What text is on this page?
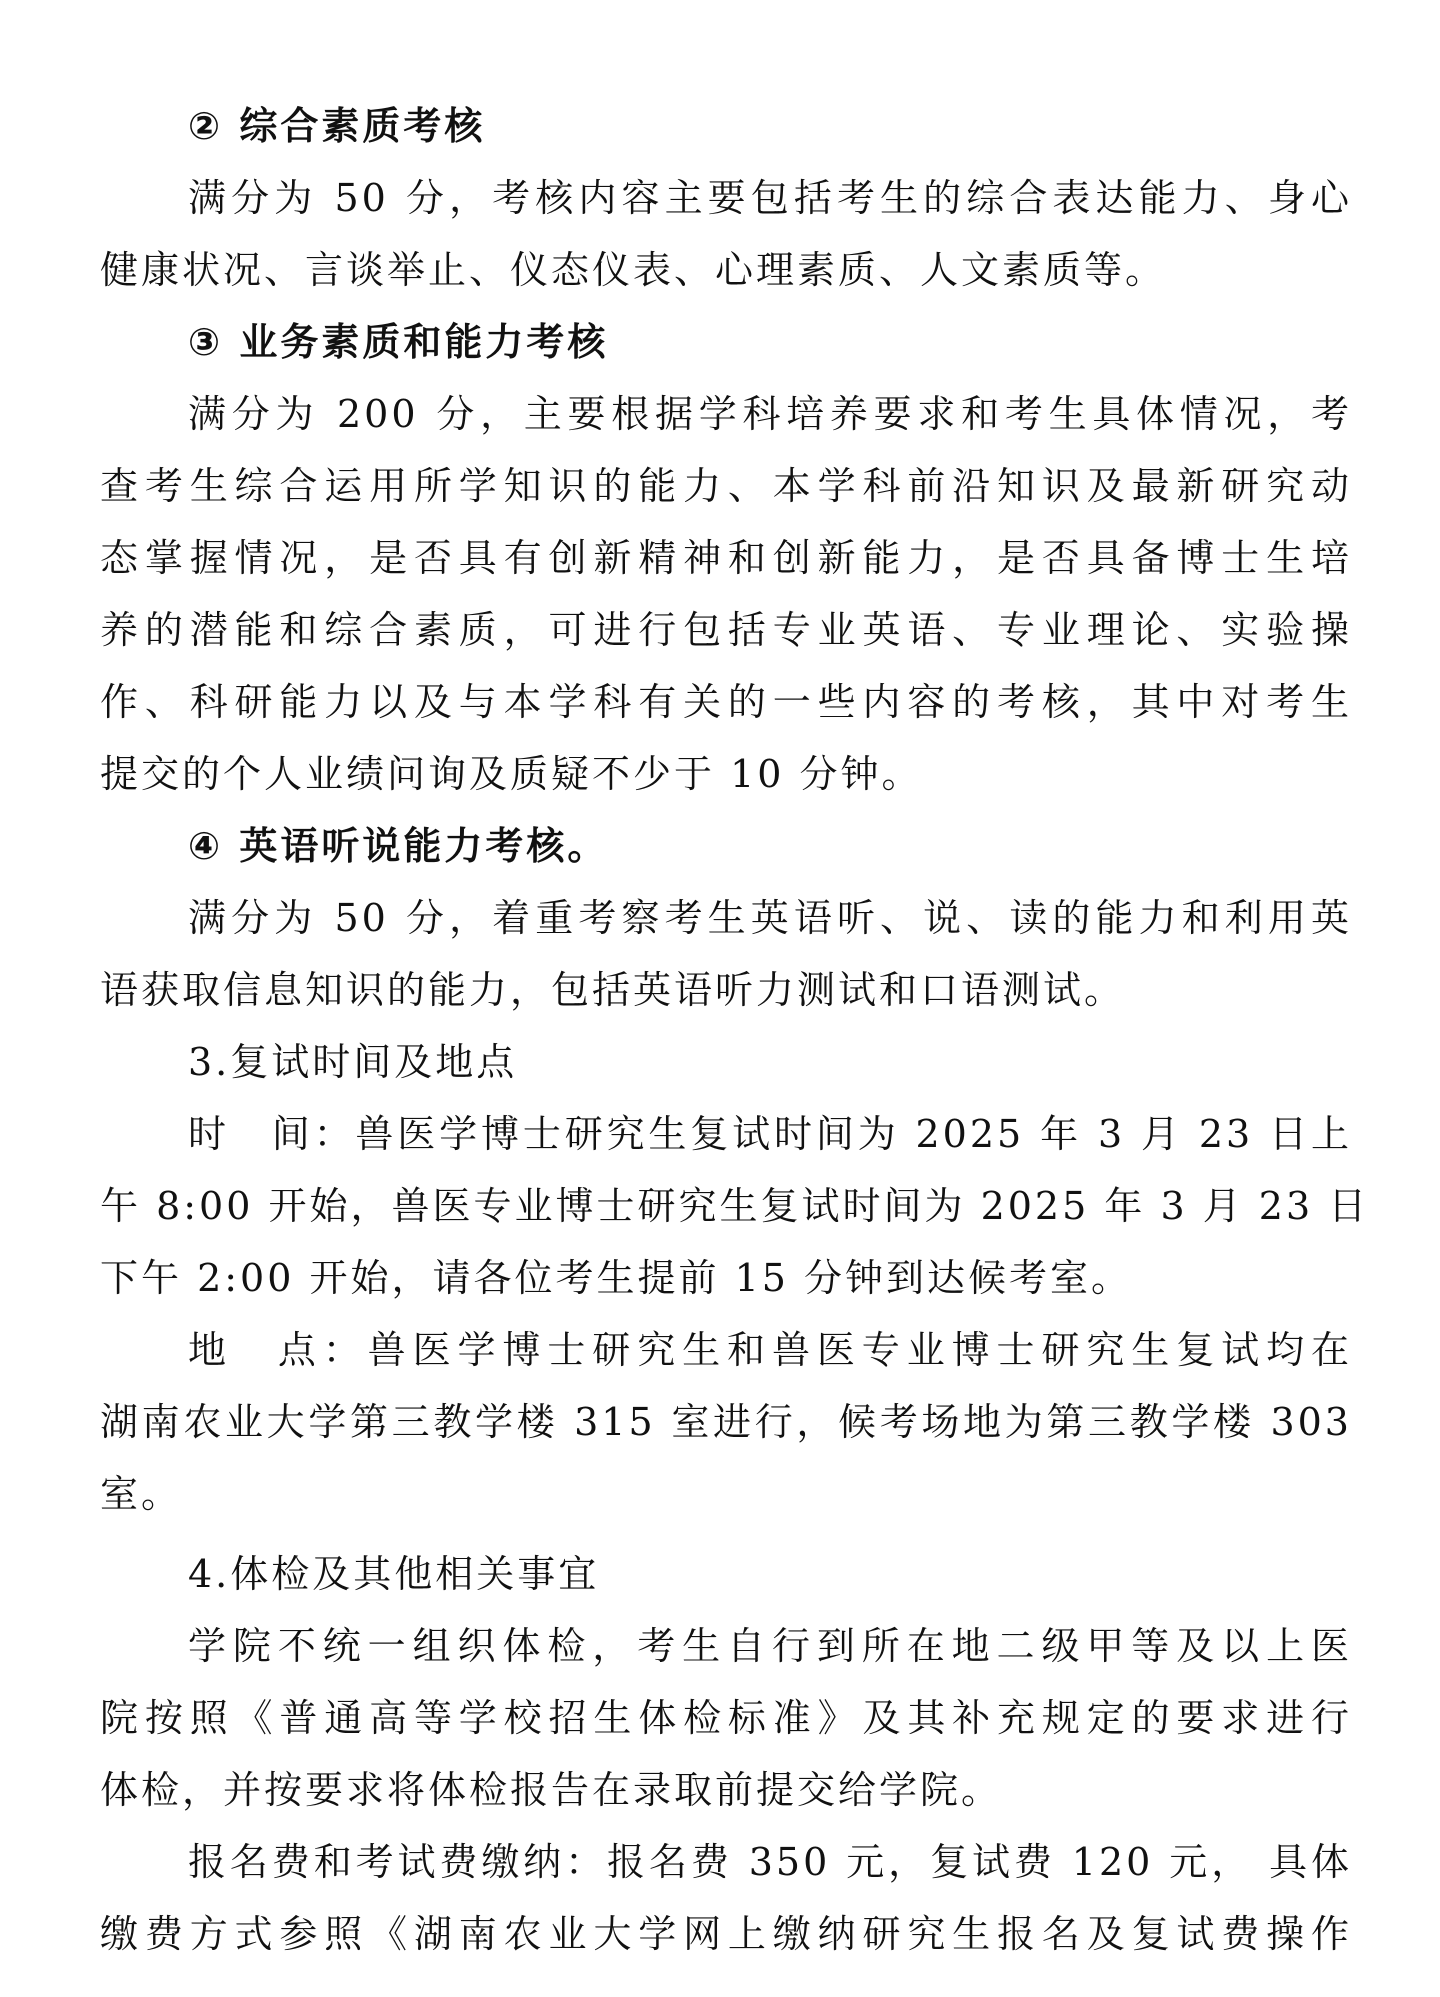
② 综合素质考核
满分为 50 分，考核内容主要包括考生的综合表达能力、身心
健康状况、言谈举止、仪态仪表、心理素质、人文素质等。
③ 业务素质和能力考核
满分为 200 分，主要根据学科培养要求和考生具体情况，考
查考生综合运用所学知识的能力、本学科前沿知识及最新研究动
态掌握情况，是否具有创新精神和创新能力，是否具备博士生培
养的潜能和综合素质，可进行包括专业英语、专业理论、实验操
作、科研能力以及与本学科有关的一些内容的考核，其中对考生
提交的个人业绩问询及质疑不少于 10 分钟。
④ 英语听说能力考核。
满分为 50 分，着重考察考生英语听、说、读的能力和利用英
语获取信息知识的能力，包括英语听力测试和口语测试。
3.复试时间及地点
时　间：兽医学博士研究生复试时间为 2025 年 3 月 23 日上
午 8:00 开始，兽医专业博士研究生复试时间为 2025 年 3 月 23 日
下午 2:00 开始，请各位考生提前 15 分钟到达候考室。
地　点：兽医学博士研究生和兽医专业博士研究生复试均在
湖南农业大学第三教学楼 315 室进行，候考场地为第三教学楼 303
室。
4.体检及其他相关事宜
学院不统一组织体检，考生自行到所在地二级甲等及以上医
院按照《普通高等学校招生体检标准》及其补充规定的要求进行
体检，并按要求将体检报告在录取前提交给学院。
报名费和考试费缴纳：报名费 350 元，复试费 120 元， 具体
缴费方式参照《湖南农业大学网上缴纳研究生报名及复试费操作
